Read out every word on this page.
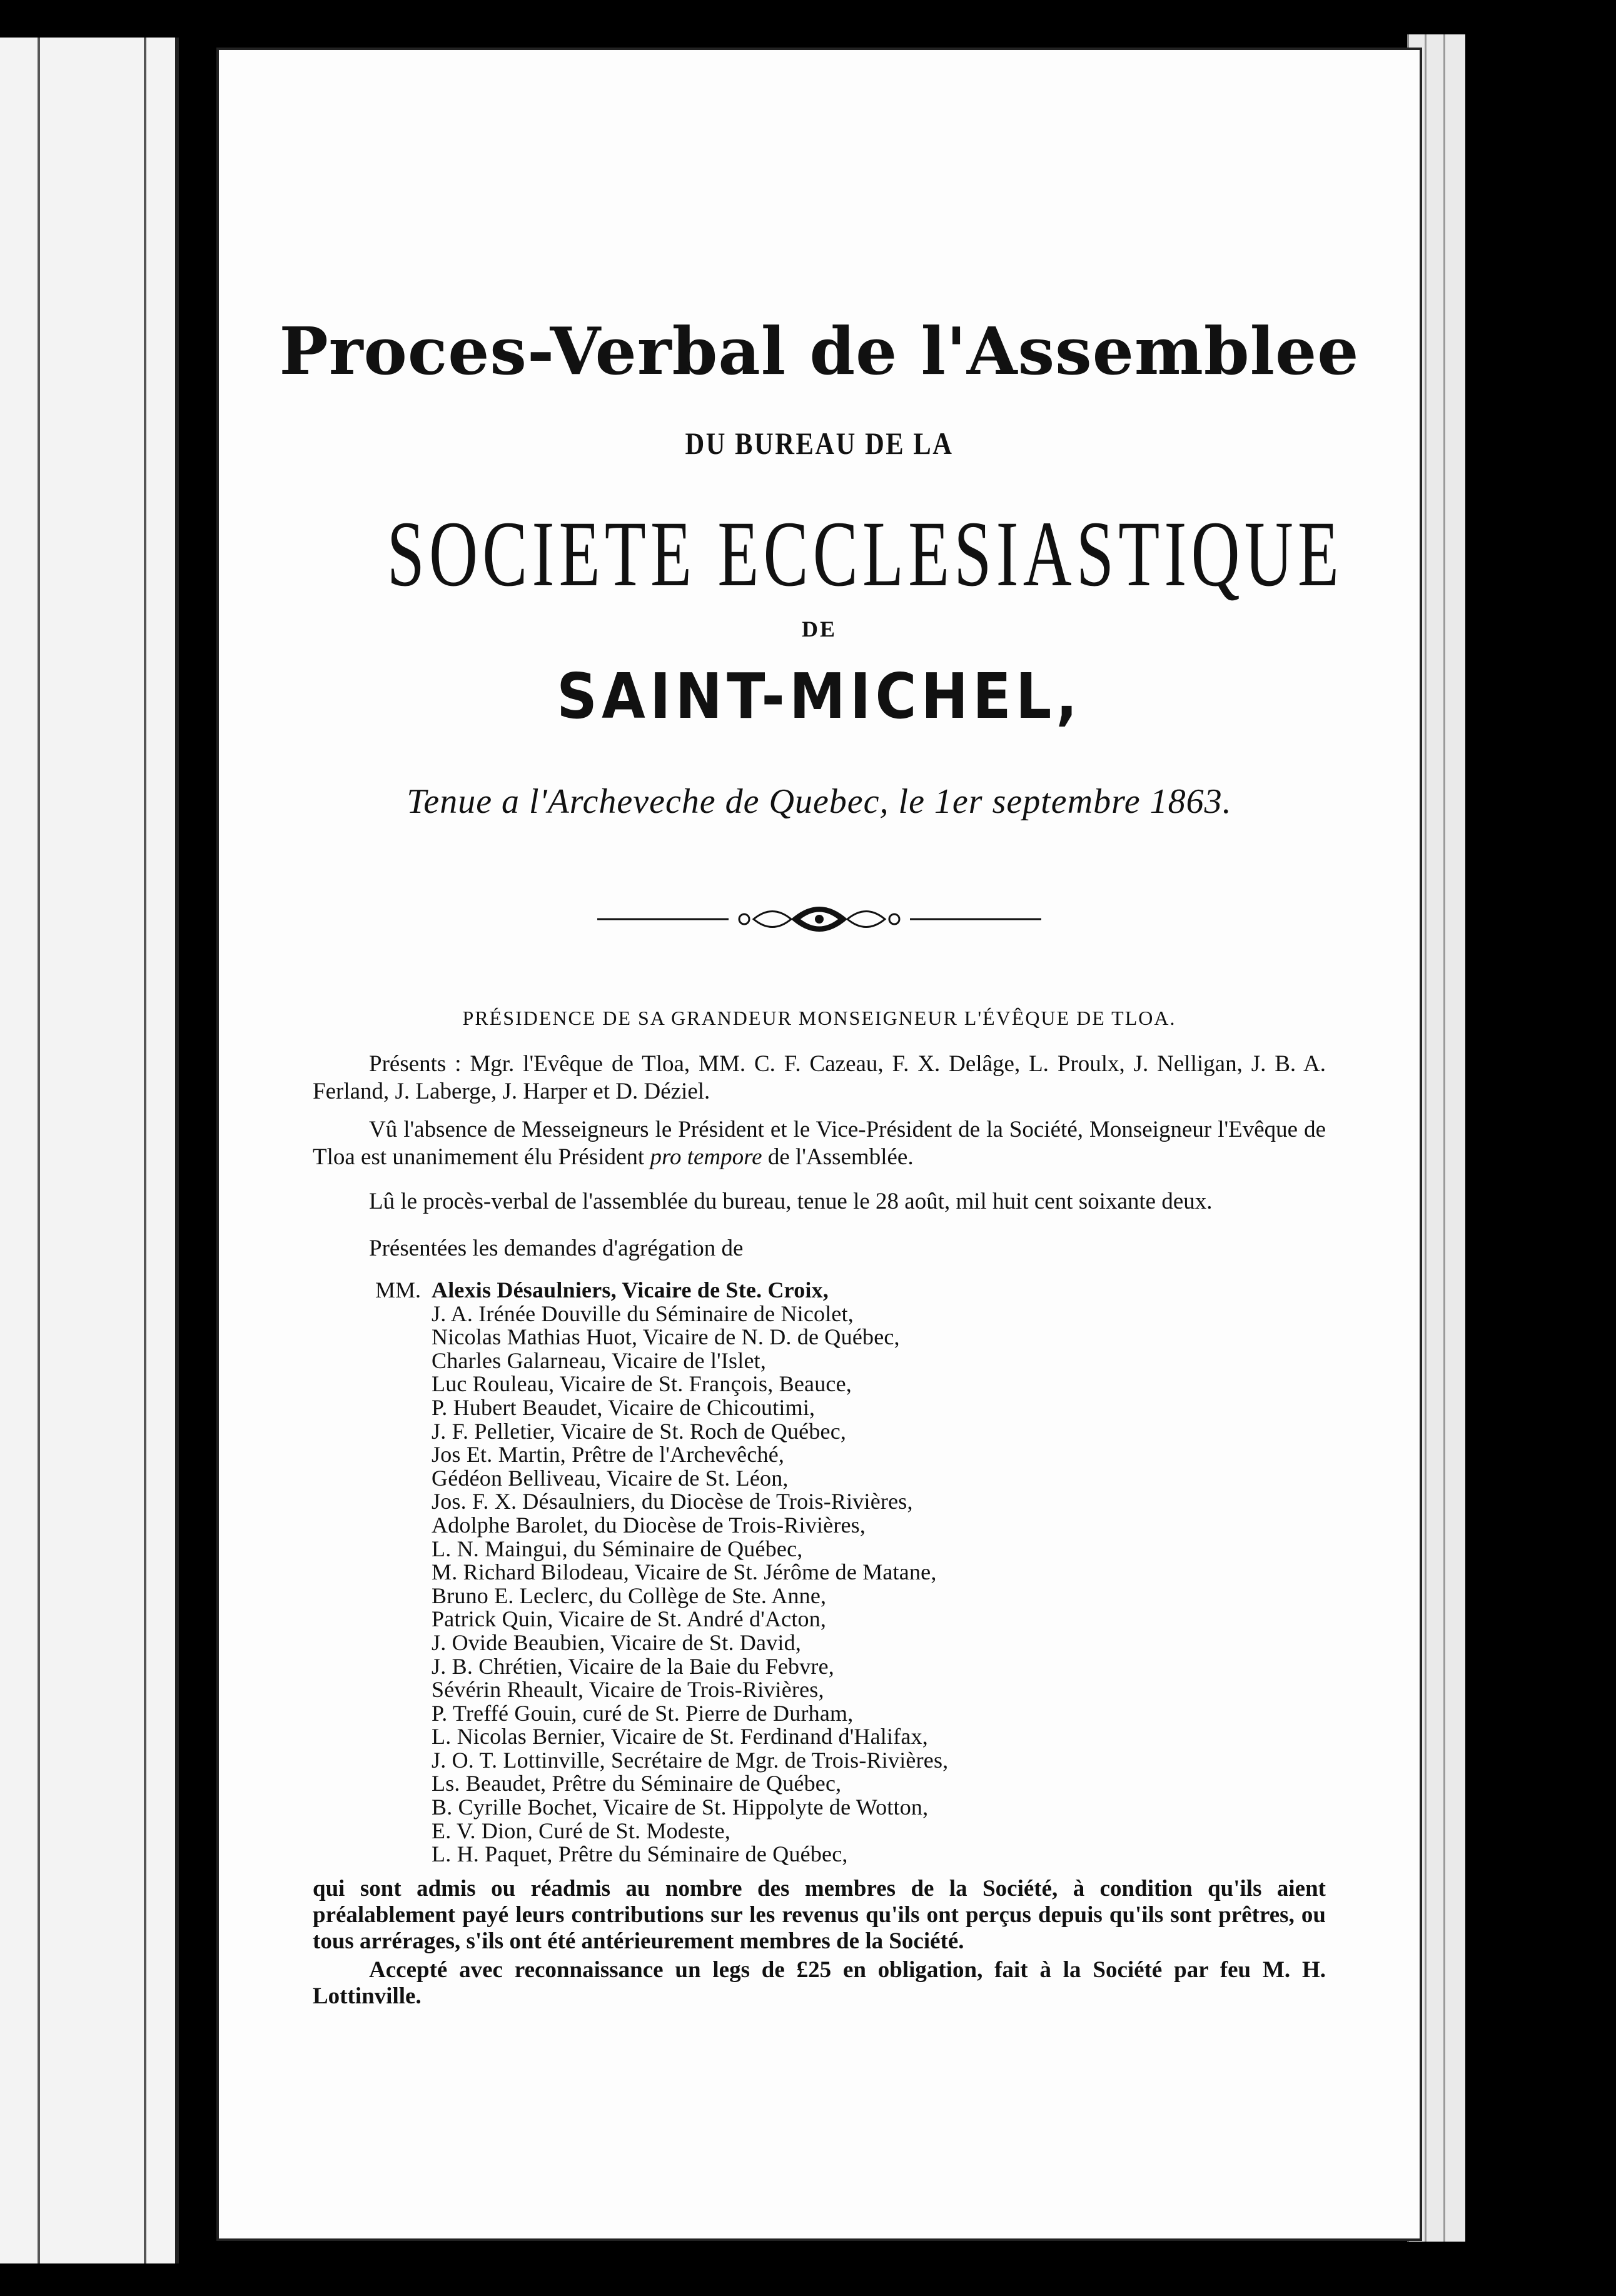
Proces-Verbal de l'Assemblee
DU BUREAU DE LA
SOCIETE ECCLESIASTIQUE
DE
SAINT-MICHEL,
Tenue a l'Archeveche de Quebec, le 1er septembre 1863.
PRÉSIDENCE DE SA GRANDEUR MONSEIGNEUR L'ÉVÊQUE DE TLOA.

Présents : Mgr. l'Evêque de Tloa, MM. C. F. Cazeau, F. X. Delâge, L. Proulx, J. Nelligan, J. B. A. Ferland, J. Laberge, J. Harper et D. Déziel.

Vû l'absence de Messeigneurs le Président et le Vice-Président de la Société, Monseigneur l'Evêque de Tloa est unanimement élu Président pro tempore de l'Assemblée.

Lû le procès-verbal de l'assemblée du bureau, tenue le 28 août, mil huit cent soixante deux.

Présentées les demandes d'agrégation de

MM. Alexis Désaulniers, Vicaire de Ste. Croix,
J. A. Irénée Douville du Séminaire de Nicolet,
Nicolas Mathias Huot, Vicaire de N. D. de Québec,
Charles Galarneau, Vicaire de l'Islet,
Luc Rouleau, Vicaire de St. François, Beauce,
P. Hubert Beaudet, Vicaire de Chicoutimi,
J. F. Pelletier, Vicaire de St. Roch de Québec,
Jos Et. Martin, Prêtre de l'Archevêché,
Gédéon Belliveau, Vicaire de St. Léon,
Jos. F. X. Désaulniers, du Diocèse de Trois-Rivières,
Adolphe Barolet, du Diocèse de Trois-Rivières,
L. N. Maingui, du Séminaire de Québec,
M. Richard Bilodeau, Vicaire de St. Jérôme de Matane,
Bruno E. Leclerc, du Collège de Ste. Anne,
Patrick Quin, Vicaire de St. André d'Acton,
J. Ovide Beaubien, Vicaire de St. David,
J. B. Chrétien, Vicaire de la Baie du Febvre,
Sévérin Rheault, Vicaire de Trois-Rivières,
P. Treffé Gouin, curé de St. Pierre de Durham,
L. Nicolas Bernier, Vicaire de St. Ferdinand d'Halifax,
J. O. T. Lottinville, Secrétaire de Mgr. de Trois-Rivières,
Ls. Beaudet, Prêtre du Séminaire de Québec,
B. Cyrille Bochet, Vicaire de St. Hippolyte de Wotton,
E. V. Dion, Curé de St. Modeste,
L. H. Paquet, Prêtre du Séminaire de Québec,

qui sont admis ou réadmis au nombre des membres de la Société, à condition qu'ils aient préalablement payé leurs contributions sur les revenus qu'ils ont perçus depuis qu'ils sont prêtres, ou tous arrérages, s'ils ont été antérieurement membres de la Société.

Accepté avec reconnaissance un legs de £25 en obligation, fait à la Société par feu M. H. Lottinville.
